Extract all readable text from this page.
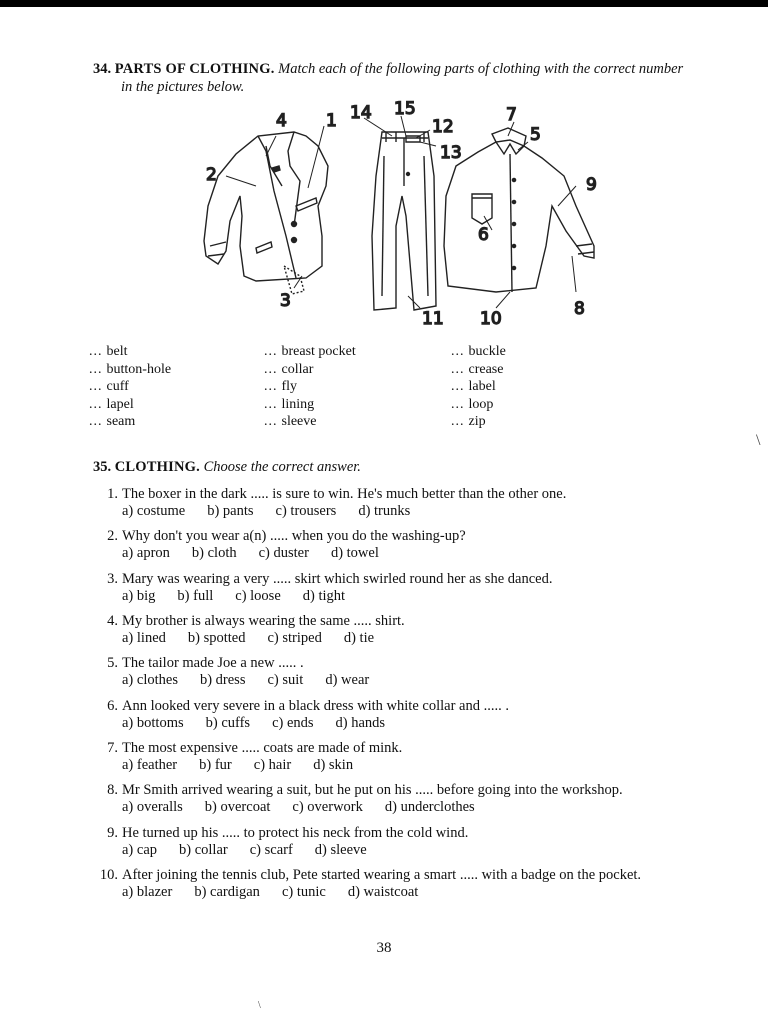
34. PARTS OF CLOTHING. Match each of the following parts of clothing with the correct number
in the pictures below.
4 1 14 15
12
13
7
5
2	9
6
3	8
11 10
... belt
... button-hole
... cuff
... lapel
... seam
... breast pocket
... collar
... fly
... lining
... sleeve
... buckle
... crease
... label
... loop
... zip
35. CLOTHING. Choose the correct answer.
1. The boxer in the dark ..... is sure to win. He's much better than the other one.
a) costume b) pants c) trousers d) trunks
2. Why don't you wear a(n) ..... when you do the washing-up?
a) apron b) cloth c) duster d) towel
3. Mary was wearing a very ..... skirt which swirled round her as she danced.
a) big b) full c) loose d) tight
4. My brother is always wearing the same ..... shirt.
a) lined b) spotted c) striped d) tie
5. The tailor made Joe a new ..... .
a) clothes b) dress c) suit d) wear
6. Ann looked very severe in a black dress with white collar and ..... .
a) bottoms b) cuffs c) ends d) hands
7. The most expensive ..... coats are made of mink.
a) feather b) fur c) hair d) skin
8. Mr Smith arrived wearing a suit, but he put on his ..... before going into the workshop.
a) overalls b) overcoat c) overwork d) underclothes
9. He turned up his ..... to protect his neck from the cold wind.
a) cap b) collar c) scarf d) sleeve
10. After joining the tennis club, Pete started wearing a smart ..... with a badge on the pocket.
a) blazer b) cardigan c) tunic d) waistcoat
38
\
\
